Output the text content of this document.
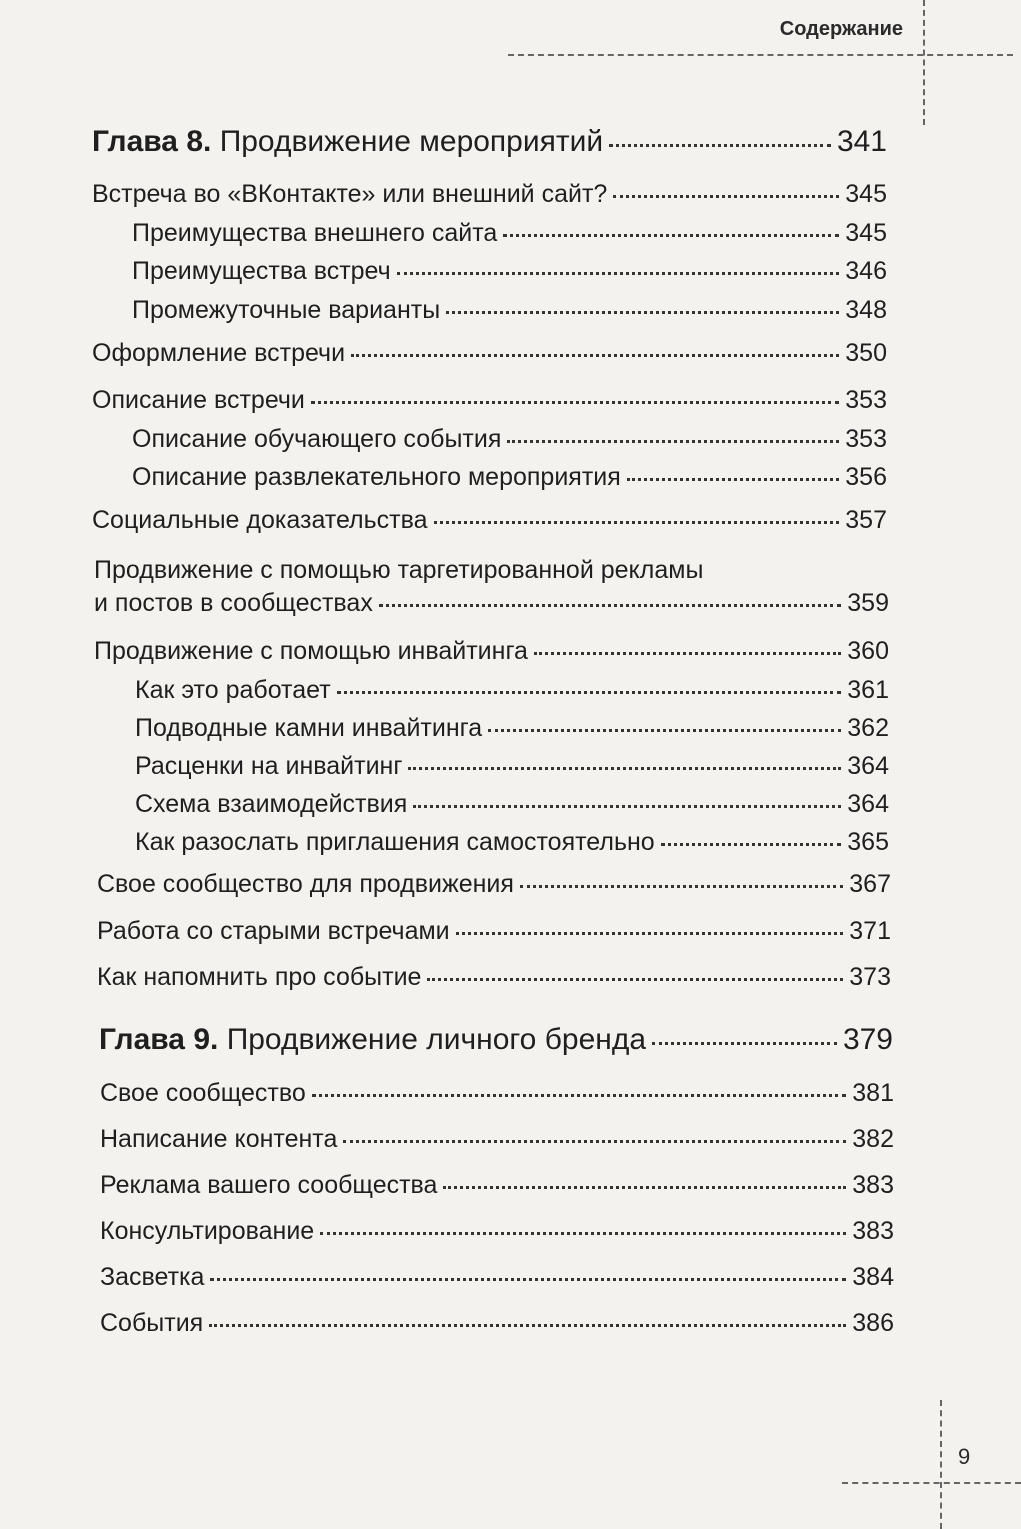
Содержание
Глава 8. Продвижение мероприятий	341
Встреча во «ВКонтакте» или внешний сайт?	345
Преимущества внешнего сайта	345
Преимущества встреч	346
Промежуточные варианты	348
Оформление встречи	350
Описание встречи	353
Описание обучающего события	353
Описание развлекательного мероприятия	356
Социальные доказательства	357
Продвижение с помощью таргетированной рекламы
и постов в сообществах	359
Продвижение с помощью инвайтинга	360
Как это работает	361
Подводные камни инвайтинга	362
Расценки на инвайтинг	364
Схема взаимодействия	364
Как разослать приглашения самостоятельно	365
Свое сообщество для продвижения	367
Работа со старыми встречами	371
Как напомнить про событие	373
Глава 9. Продвижение личного бренда	379
Свое сообщество	381
Написание контента	382
Реклама вашего сообщества	383
Консультирование	383
Засветка	384
События	386
9
